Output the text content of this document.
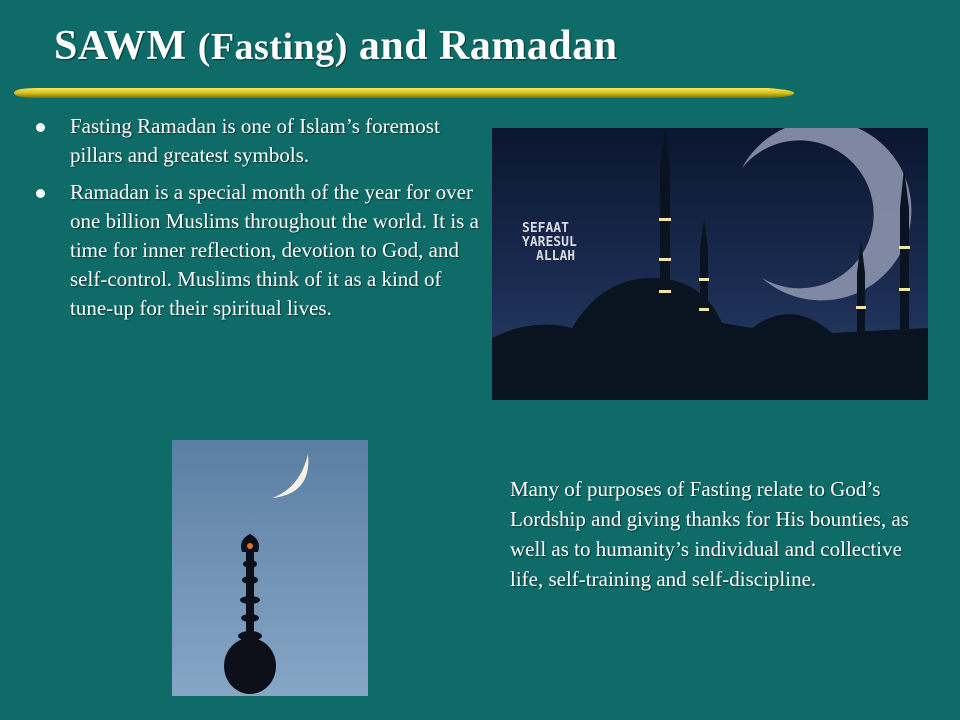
SAWM (Fasting) and Ramadan
Fasting Ramadan is one of Islam’s foremost pillars and greatest symbols.
Ramadan is a special month of the year for over one billion Muslims throughout the world. It is a time for inner reflection, devotion to God, and self-control. Muslims think of it as a kind of tune-up for their spiritual lives.
SEFAAT
YARESUL
ALLAH
Many of purposes of Fasting relate to God’s Lordship and giving thanks for His bounties, as well as to humanity’s individual and collective life, self-training and self-discipline.
